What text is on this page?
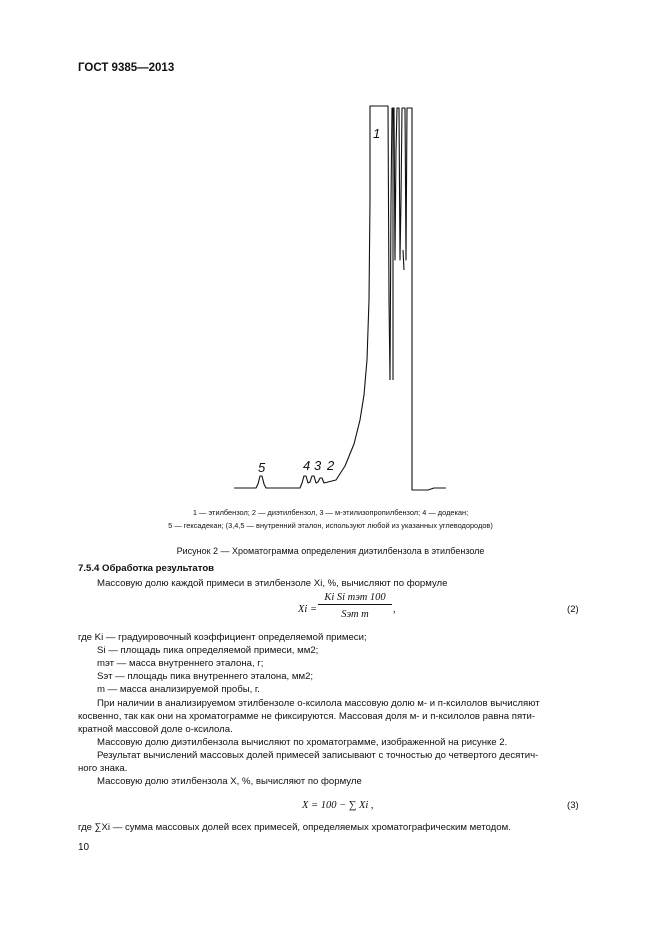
ГОСТ 9385—2013
1
2
3
4
5
1 — этилбензол; 2 — диэтилбензол, 3 — м-этилизопропилбензол; 4 — додекан;
5 — гексадекан; (3,4,5 — внутренний эталон, используют любой из указанных углеводородов)
Рисунок 2 — Хроматограмма определения диэтилбензола в этилбензоле
7.5.4 Обработка результатов
Массовую долю каждой примеси в этилбензоле Xi, %, вычисляют по формуле
Xi =
Ki Si mэт 100
Sэт m	,	(2)
где Ki — градуировочный коэффициент определяемой примеси;
Si — площадь пика определяемой примеси, мм2;
mэт — масса внутреннего эталона, г;
Sэт — площадь пика внутреннего эталона, мм2;
m — масса анализируемой пробы, г.
При наличии в анализируемом этилбензоле о-ксилола массовую долю м- и п-ксилолов вычисляют
косвенно, так как они на хроматограмме не фиксируются. Массовая доля м- и п-ксилолов равна пяти-
кратной массовой доле о-ксилола.
Массовую долю диэтилбензола вычисляют по хроматограмме, изображенной на рисунке 2.
Результат вычислений массовых долей примесей записывают с точностью до четвертого десятич-
ного знака.
Массовую долю этилбензола X, %, вычисляют по формуле
X = 100 − ∑ Xi ,	(3)
где ∑Xi — сумма массовых долей всех примесей, определяемых хроматографическим методом.
10
